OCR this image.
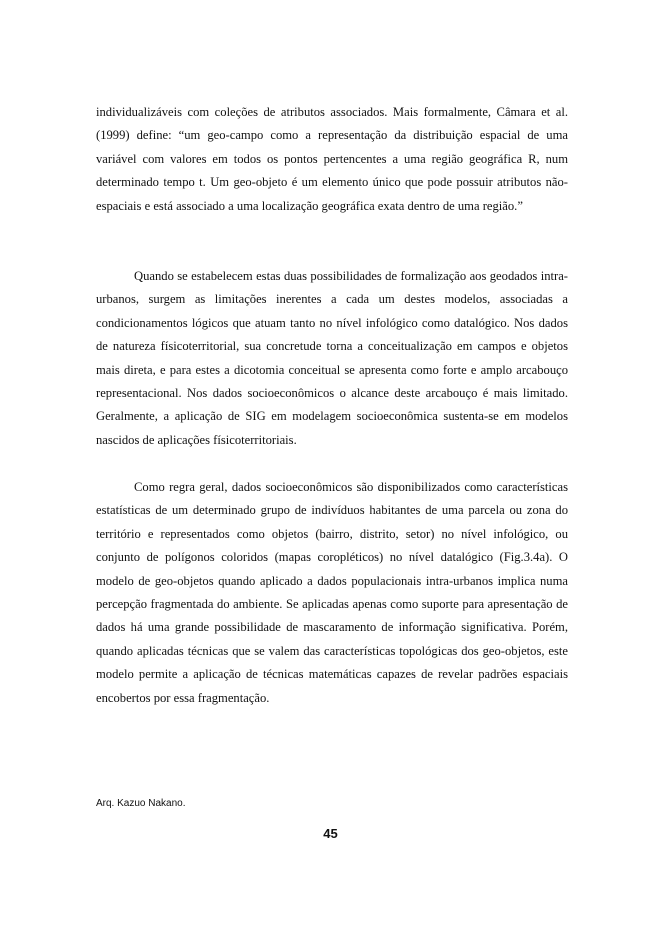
individualizáveis com coleções de atributos associados. Mais formalmente, Câmara et al.(1999) define: “um geo-campo como a representação da distribuição espacial de uma variável com valores em todos os pontos pertencentes a uma região geográfica R, num determinado tempo t. Um geo-objeto é um elemento único que pode possuir atributos não-espaciais e está associado a uma localização geográfica exata dentro de uma região.”

Quando se estabelecem estas duas possibilidades de formalização aos geodados intra-urbanos, surgem as limitações inerentes a cada um destes modelos, associadas a condicionamentos lógicos que atuam tanto no nível infológico como datalógico. Nos dados de natureza físicoterritorial, sua concretude torna a conceitualização em campos e objetos mais direta, e para estes a dicotomia conceitual se apresenta como forte e amplo arcabouço representacional. Nos dados socioeconômicos o alcance deste arcabouço é mais limitado. Geralmente, a aplicação de SIG em modelagem socioeconômica sustenta-se em modelos nascidos de aplicações físicoterritoriais.

Como regra geral, dados socioeconômicos são disponibilizados como características estatísticas de um determinado grupo de indivíduos habitantes de uma parcela ou zona do território e representados como objetos (bairro, distrito, setor) no nível infológico, ou conjunto de polígonos coloridos (mapas coropléticos) no nível datalógico (Fig.3.4a). O modelo de geo-objetos quando aplicado a dados populacionais intra-urbanos implica numa percepção fragmentada do ambiente. Se aplicadas apenas como suporte para apresentação de dados há uma grande possibilidade de mascaramento de informação significativa. Porém, quando aplicadas técnicas que se valem das características topológicas dos geo-objetos, este modelo permite a aplicação de técnicas matemáticas capazes de revelar padrões espaciais encobertos por essa fragmentação.

Arq. Kazuo Nakano.
45
